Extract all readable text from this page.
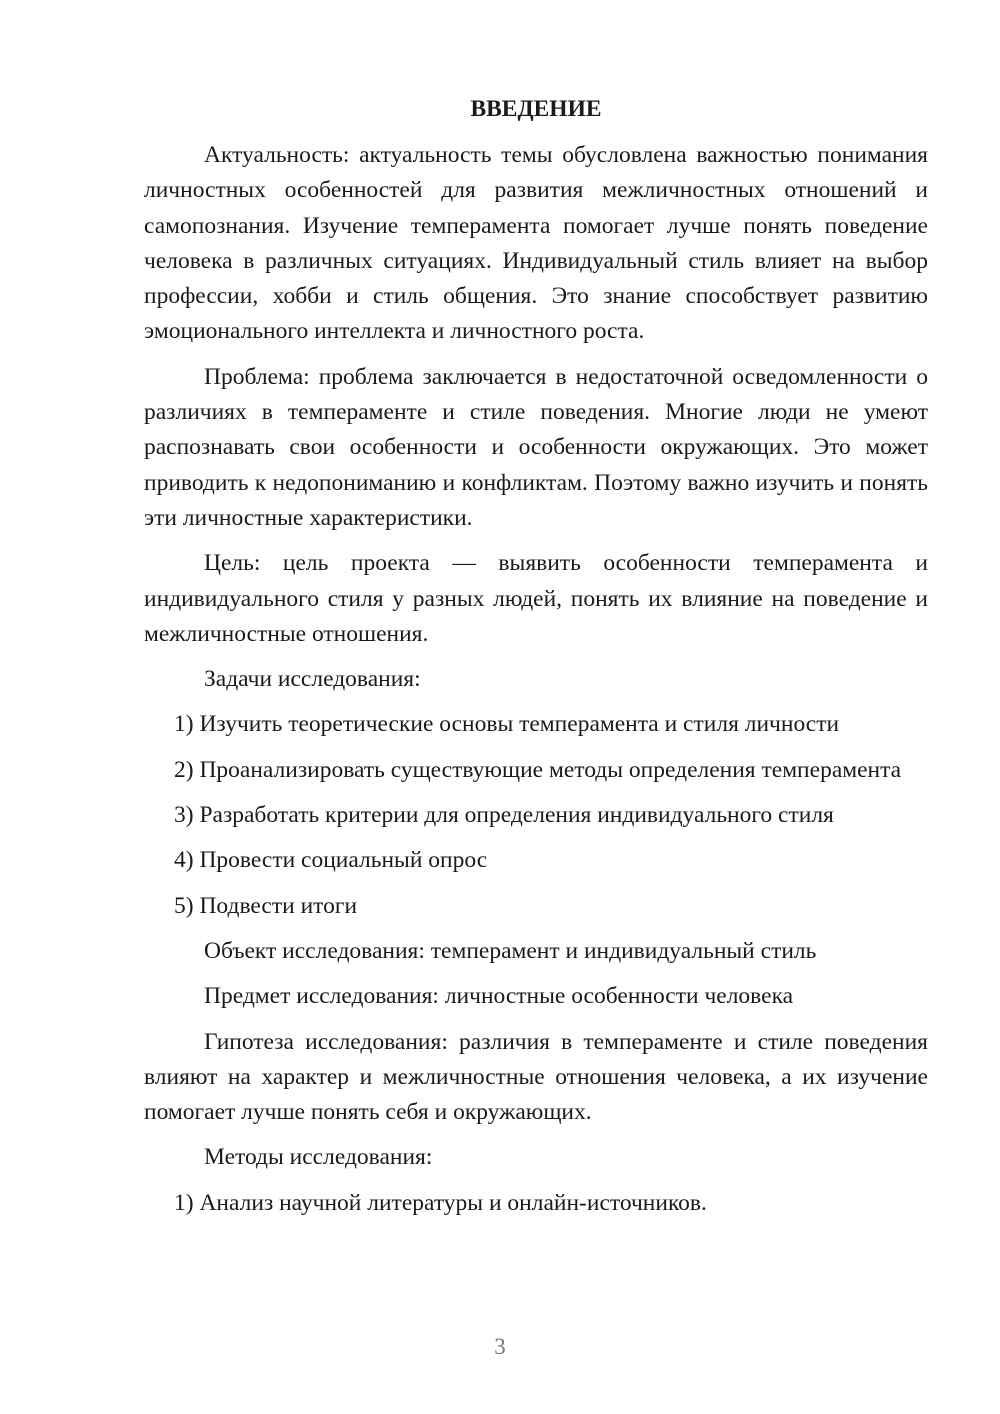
ВВЕДЕНИЕ
Актуальность: актуальность темы обусловлена важностью понимания личностных особенностей для развития межличностных отношений и самопознания. Изучение темперамента помогает лучше понять поведение человека в различных ситуациях. Индивидуальный стиль влияет на выбор профессии, хобби и стиль общения. Это знание способствует развитию эмоционального интеллекта и личностного роста.
Проблема: проблема заключается в недостаточной осведомленности о различиях в темпераменте и стиле поведения. Многие люди не умеют распознавать свои особенности и особенности окружающих. Это может приводить к недопониманию и конфликтам. Поэтому важно изучить и понять эти личностные характеристики.
Цель: цель проекта — выявить особенности темперамента и индивидуального стиля у разных людей, понять их влияние на поведение и межличностные отношения.
Задачи исследования:
1) Изучить теоретические основы темперамента и стиля личности
2) Проанализировать существующие методы определения темперамента
3) Разработать критерии для определения индивидуального стиля
4) Провести социальный опрос
5) Подвести итоги
Объект исследования: темперамент и индивидуальный стиль
Предмет исследования: личностные особенности человека
Гипотеза исследования: различия в темпераменте и стиле поведения влияют на характер и межличностные отношения человека, а их изучение помогает лучше понять себя и окружающих.
Методы исследования:
1) Анализ научной литературы и онлайн-источников.
3
